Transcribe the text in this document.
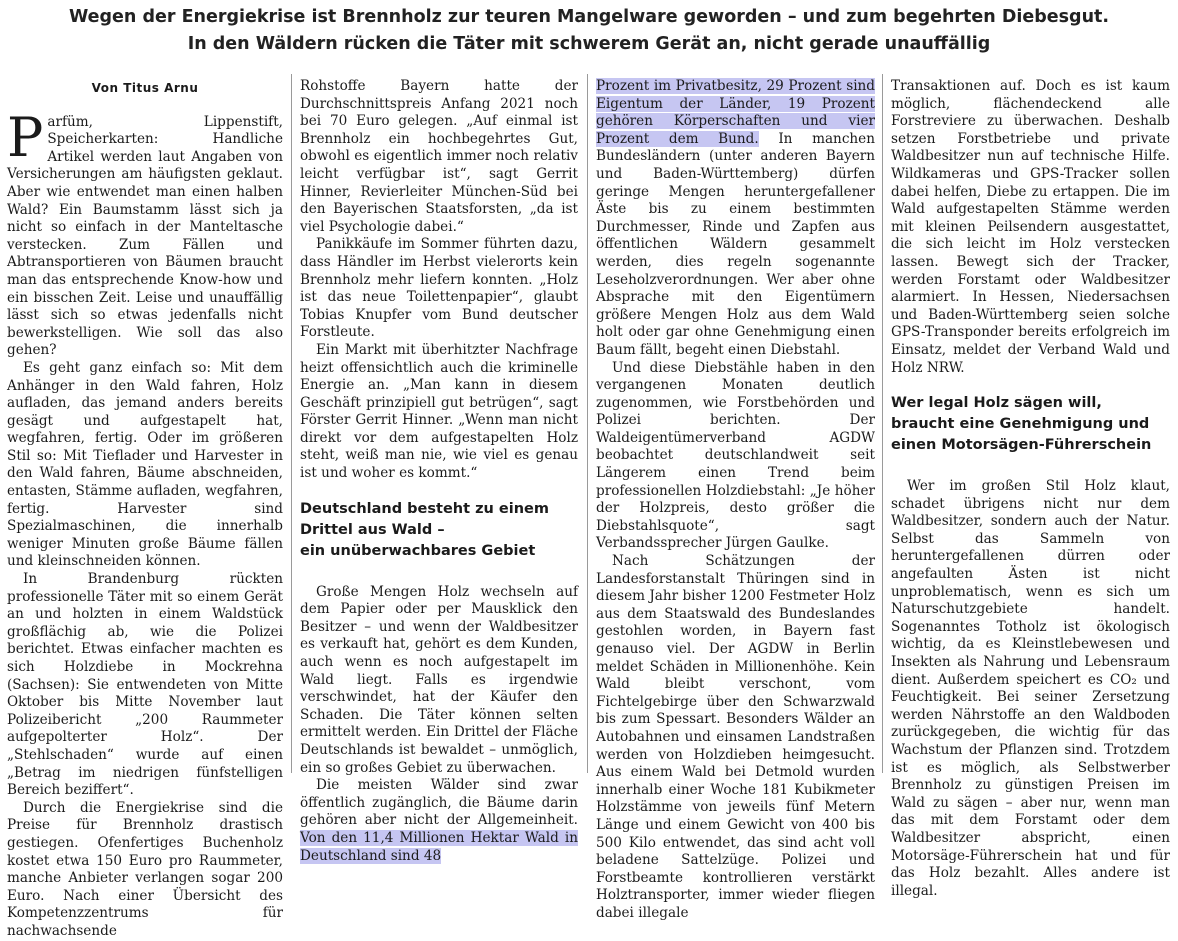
Wegen der Energiekrise ist Brennholz zur teuren Mangelware geworden – und zum begehrten Diebesgut.
In den Wäldern rücken die Täter mit schwerem Gerät an, nicht gerade unauffällig

Von Titus Arnu

Parfüm, Lippenstift, Speicherkarten: Handliche Artikel werden laut Angaben von Versicherungen am häufigsten geklaut. Aber wie entwendet man einen halben Wald? Ein Baumstamm lässt sich ja nicht so einfach in der Manteltasche verstecken. Zum Fällen und Abtransportieren von Bäumen braucht man das entsprechende Know-how und ein bisschen Zeit. Leise und unauffällig lässt sich so etwas jedenfalls nicht bewerkstelligen. Wie soll das also gehen?

Es geht ganz einfach so: Mit dem Anhänger in den Wald fahren, Holz aufladen, das jemand anders bereits gesägt und aufgestapelt hat, wegfahren, fertig. Oder im größeren Stil so: Mit Tieflader und Harvester in den Wald fahren, Bäume abschneiden, entasten, Stämme aufladen, wegfahren, fertig. Harvester sind Spezialmaschinen, die innerhalb weniger Minuten große Bäume fällen und kleinschneiden können.

In Brandenburg rückten professionelle Täter mit so einem Gerät an und holzten in einem Waldstück großflächig ab, wie die Polizei berichtet. Etwas einfacher machten es sich Holzdiebe in Mockrehna (Sachsen): Sie entwendeten von Mitte Oktober bis Mitte November laut Polizeibericht „200 Raummeter aufgepolterter Holz“. Der „Stehlschaden“ wurde auf einen „Betrag im niedrigen fünfstelligen Bereich beziffert“.

Durch die Energiekrise sind die Preise für Brennholz drastisch gestiegen. Ofenfertiges Buchenholz kostet etwa 150 Euro pro Raummeter, manche Anbieter verlangen sogar 200 Euro. Nach einer Übersicht des Kompetenzzentrums für nachwachsende

Rohstoffe Bayern hatte der Durchschnittspreis Anfang 2021 noch bei 70 Euro gelegen. „Auf einmal ist Brennholz ein hochbegehrtes Gut, obwohl es eigentlich immer noch relativ leicht verfügbar ist“, sagt Gerrit Hinner, Revierleiter München-Süd bei den Bayerischen Staatsforsten, „da ist viel Psychologie dabei.“

Panikkäufe im Sommer führten dazu, dass Händler im Herbst vielerorts kein Brennholz mehr liefern konnten. „Holz ist das neue Toilettenpapier“, glaubt Tobias Knupfer vom Bund deutscher Forstleute.

Ein Markt mit überhitzter Nachfrage heizt offensichtlich auch die kriminelle Energie an. „Man kann in diesem Geschäft prinzipiell gut betrügen“, sagt Förster Gerrit Hinner. „Wenn man nicht direkt vor dem aufgestapelten Holz steht, weiß man nie, wie viel es genau ist und woher es kommt.“

Deutschland besteht zu einem
Drittel aus Wald –
ein unüberwachbares Gebiet

Große Mengen Holz wechseln auf dem Papier oder per Mausklick den Besitzer – und wenn der Waldbesitzer es verkauft hat, gehört es dem Kunden, auch wenn es noch aufgestapelt im Wald liegt. Falls es irgendwie verschwindet, hat der Käufer den Schaden. Die Täter können selten ermittelt werden. Ein Drittel der Fläche Deutschlands ist bewaldet – unmöglich, ein so großes Gebiet zu überwachen.

Die meisten Wälder sind zwar öffentlich zugänglich, die Bäume darin gehören aber nicht der Allgemeinheit. Von den 11,4 Millionen Hektar Wald in Deutschland sind 48

Prozent im Privatbesitz, 29 Prozent sind Eigentum der Länder, 19 Prozent gehören Körperschaften und vier Prozent dem Bund. In manchen Bundesländern (unter anderen Bayern und Baden-Württemberg) dürfen geringe Mengen heruntergefallener Äste bis zu einem bestimmten Durchmesser, Rinde und Zapfen aus öffentlichen Wäldern gesammelt werden, dies regeln sogenannte Leseholzverordnungen. Wer aber ohne Absprache mit den Eigentümern größere Mengen Holz aus dem Wald holt oder gar ohne Genehmigung einen Baum fällt, begeht einen Diebstahl.

Und diese Diebstähle haben in den vergangenen Monaten deutlich zugenommen, wie Forstbehörden und Polizei berichten. Der Waldeigentümerverband AGDW beobachtet deutschlandweit seit Längerem einen Trend beim professionellen Holzdiebstahl: „Je höher der Holzpreis, desto größer die Diebstahlsquote“, sagt Verbandssprecher Jürgen Gaulke.

Nach Schätzungen der Landesforstanstalt Thüringen sind in diesem Jahr bisher 1200 Festmeter Holz aus dem Staatswald des Bundeslandes gestohlen worden, in Bayern fast genauso viel. Der AGDW in Berlin meldet Schäden in Millionenhöhe. Kein Wald bleibt verschont, vom Fichtelgebirge über den Schwarzwald bis zum Spessart. Besonders Wälder an Autobahnen und einsamen Landstraßen werden von Holzdieben heimgesucht. Aus einem Wald bei Detmold wurden innerhalb einer Woche 181 Kubikmeter Holzstämme von jeweils fünf Metern Länge und einem Gewicht von 400 bis 500 Kilo entwendet, das sind acht voll beladene Sattelzüge. Polizei und Forstbeamte kontrollieren verstärkt Holztransporter, immer wieder fliegen dabei illegale

Transaktionen auf. Doch es ist kaum möglich, flächendeckend alle Forstreviere zu überwachen. Deshalb setzen Forstbetriebe und private Waldbesitzer nun auf technische Hilfe. Wildkameras und GPS-Tracker sollen dabei helfen, Diebe zu ertappen. Die im Wald aufgestapelten Stämme werden mit kleinen Peilsendern ausgestattet, die sich leicht im Holz verstecken lassen. Bewegt sich der Tracker, werden Forstamt oder Waldbesitzer alarmiert. In Hessen, Niedersachsen und Baden-Württemberg seien solche GPS-Transponder bereits erfolgreich im Einsatz, meldet der Verband Wald und Holz NRW.

Wer legal Holz sägen will,
braucht eine Genehmigung und
einen Motorsägen-Führerschein

Wer im großen Stil Holz klaut, schadet übrigens nicht nur dem Waldbesitzer, sondern auch der Natur. Selbst das Sammeln von heruntergefallenen dürren oder angefaulten Ästen ist nicht unproblematisch, wenn es sich um Naturschutzgebiete handelt. Sogenanntes Totholz ist ökologisch wichtig, da es Kleinstlebewesen und Insekten als Nahrung und Lebensraum dient. Außerdem speichert es CO₂ und Feuchtigkeit. Bei seiner Zersetzung werden Nährstoffe an den Waldboden zurückgegeben, die wichtig für das Wachstum der Pflanzen sind. Trotzdem ist es möglich, als Selbstwerber Brennholz zu günstigen Preisen im Wald zu sägen – aber nur, wenn man das mit dem Forstamt oder dem Waldbesitzer abspricht, einen Motorsäge-Führerschein hat und für das Holz bezahlt. Alles andere ist illegal.
